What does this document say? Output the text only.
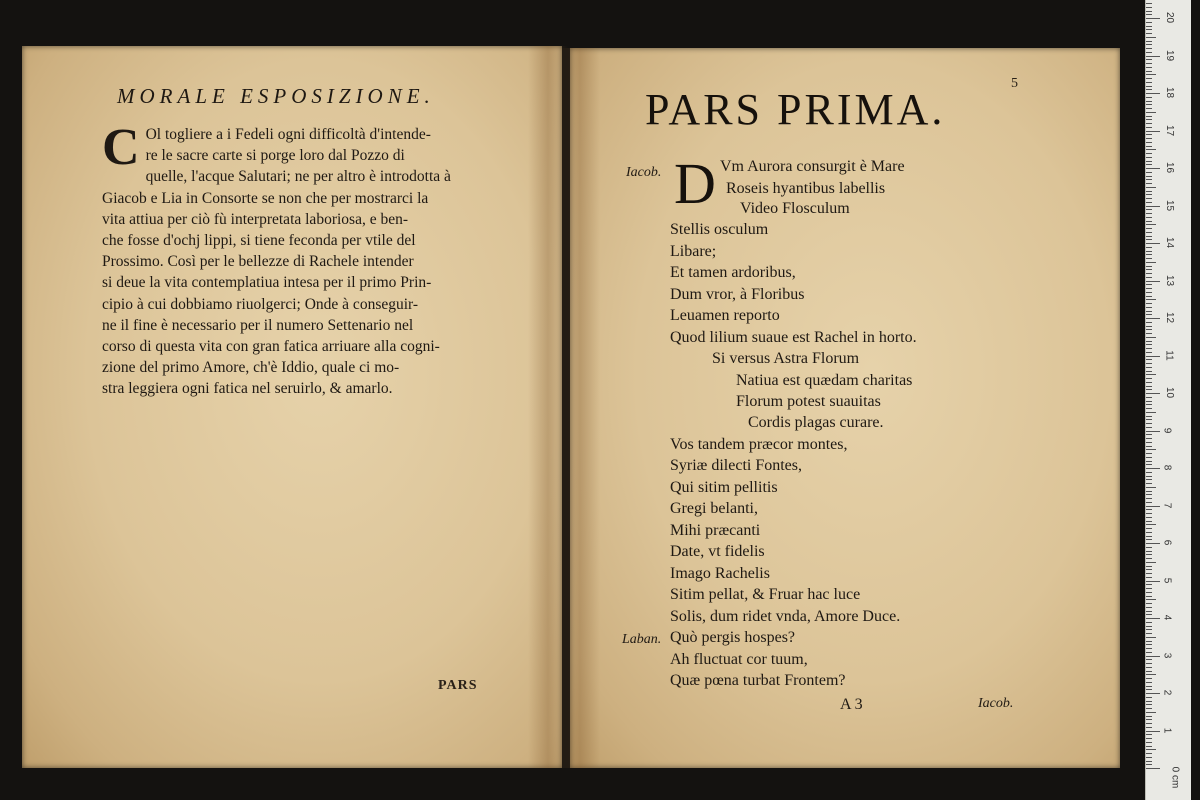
MORALE ESPOSIZIONE.
C Ol togliere a i Fedeli ogni difficoltà d'intende-
re le sacre carte si porge loro dal Pozzo di
quelle, l'acque Salutari; ne per altro è introdotta à
Giacob e Lia in Consorte se non che per mostrarci la
vita attiua per ciò fù interpretata laboriosa, e ben-
che fosse d'ochj lippi, si tiene feconda per vtile del
Prossimo. Così per le bellezze di Rachele intender
si deue la vita contemplatiua intesa per il primo Prin-
cipio à cui dobbiamo riuolgerci; Onde à conseguir-
ne il fine è necessario per il numero Settenario nel
corso di questa vita con gran fatica arriuare alla cogni-
zione del primo Amore, ch'è Iddio, quale ci mo-
stra leggiera ogni fatica nel seruirlo, & amarlo.
PARS
PARS PRIMA.
5
Iacob. D Vm Aurora consurgit è Mare
Roseis hyantibus labellis
Video Flosculum
Stellis osculum
Libare;
Et tamen ardoribus,
Dum vror, à Floribus
Leuamen reporto
Quod lilium suaue est Rachel in horto.
Si versus Astra Florum
Natiua est quædam charitas
Florum potest suauitas
Cordis plagas curare.
Vos tandem præcor montes,
Syriæ dilecti Fontes,
Qui sitim pellitis
Gregi belanti,
Mihi præcanti
Date, vt fidelis
Imago Rachelis
Sitim pellat, & Fruar hac luce
Solis, dum ridet vnda, Amore Duce.
Laban. Quò pergis hospes?
Ah fluctuat cor tuum,
Quæ pœna turbat Frontem?
A 3	Iacob.
1
2
3
4
5
6
7
8
9
10
11
12
13
14
15
16
17
18
19
20
0 cm
